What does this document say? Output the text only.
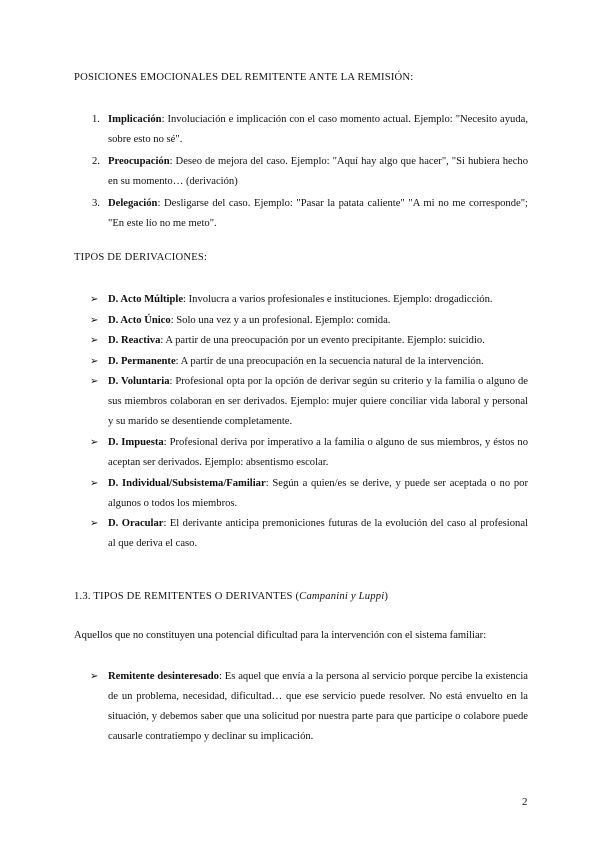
POSICIONES EMOCIONALES DEL REMITENTE ANTE LA REMISIÓN:
1. Implicación: Involuciación e implicación con el caso momento actual. Ejemplo: "Necesito ayuda, sobre esto no sé".
2. Preocupación: Deseo de mejora del caso. Ejemplo: "Aquí hay algo que hacer", "Si hubiera hecho en su momento… (derivación)
3. Delegación: Desligarse del caso. Ejemplo: "Pasar la patata caliente" "A mi no me corresponde"; "En este lío no me meto".
TIPOS DE DERIVACIONES:
➢ D. Acto Múltiple: Involucra a varios profesionales e instituciones. Ejemplo: drogadicción.
➢ D. Acto Único: Solo una vez y a un profesional. Ejemplo: comida.
➢ D. Reactiva: A partir de una preocupación por un evento precipitante. Ejemplo: suicidio.
➢ D. Permanente: A partir de una preocupación en la secuencia natural de la intervención.
➢ D. Voluntaria: Profesional opta por la opción de derivar según su criterio y la familia o alguno de sus miembros colaboran en ser derivados. Ejemplo: mujer quiere conciliar vida laboral y personal y su marido se desentiende completamente.
➢ D. Impuesta: Profesional deriva por imperativo a la familia o alguno de sus miembros, y éstos no aceptan ser derivados. Ejemplo: absentismo escolar.
➢ D. Individual/Subsistema/Familiar: Según a quien/es se derive, y puede ser aceptada o no por algunos o todos los miembros.
➢ D. Oracular: El derivante anticipa premoniciones futuras de la evolución del caso al profesional al que deriva el caso.
1.3. TIPOS DE REMITENTES O DERIVANTES (Campanini y Luppi)
Aquellos que no constituyen una potencial dificultad para la intervención con el sistema familiar:
➢ Remitente desinteresado: Es aquel que envía a la persona al servicio porque percibe la existencia de un problema, necesidad, dificultad… que ese servicio puede resolver. No está envuelto en la situación, y debemos saber que una solicitud por nuestra parte para que participe o colabore puede causarle contratiempo y declinar su implicación.
2
